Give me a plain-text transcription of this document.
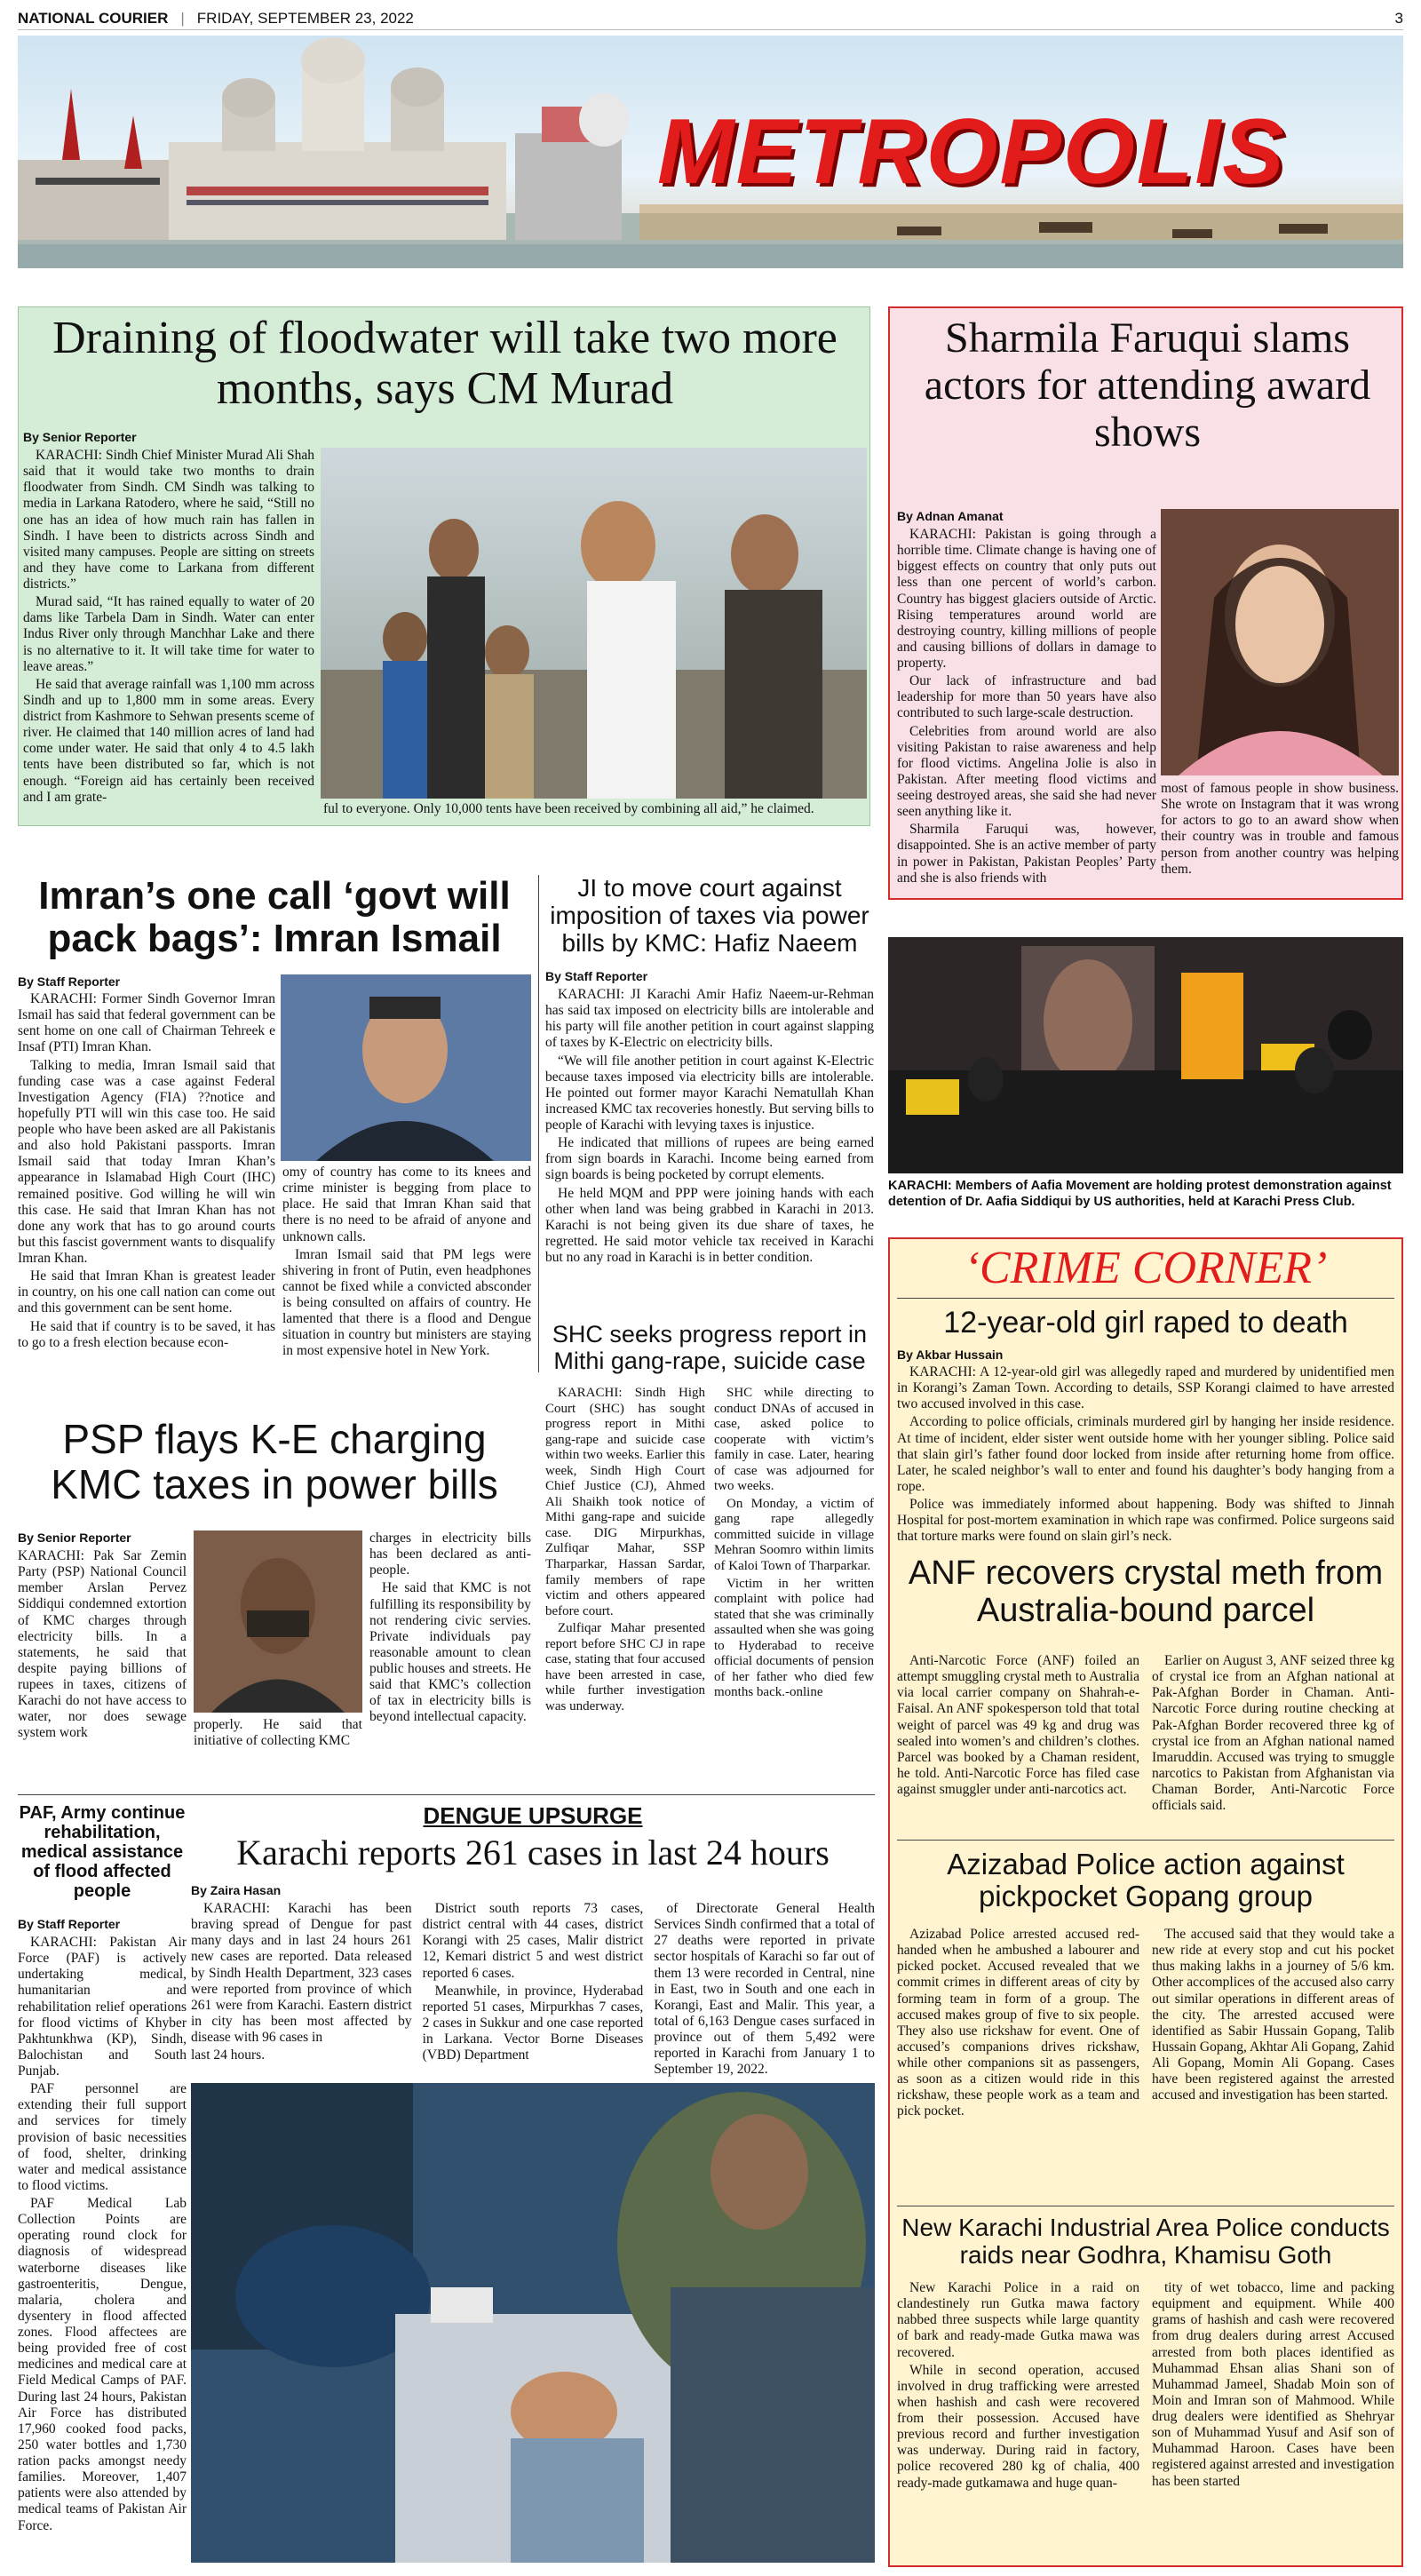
NATIONAL COURIER | FRIDAY, SEPTEMBER 23, 2022	3
METROPOLIS
Draining of floodwater will take two more months, says CM Murad
By Senior Reporter

KARACHI: Sindh Chief Minister Murad Ali Shah said that it would take two months to drain floodwater from Sindh. CM Sindh was talking to media in Larkana Ratodero, where he said, “Still no one has an idea of how much rain has fallen in Sindh. I have been to districts across Sindh and visited many campuses. People are sitting on streets and they have come to Larkana from different districts.”

Murad said, “It has rained equally to water of 20 dams like Tarbela Dam in Sindh. Water can enter Indus River only through Manchhar Lake and there is no alternative to it. It will take time for water to leave areas.”

He said that average rainfall was 1,100 mm across Sindh and up to 1,800 mm in some areas. Every district from Kashmore to Sehwan presents sceme of river. He claimed that 140 million acres of land had come under water. He said that only 4 to 4.5 lakh tents have been distributed so far, which is not enough. “Foreign aid has certainly been received and I am grate-

ful to everyone. Only 10,000 tents have been received by combining all aid,” he claimed.
Sharmila Faruqui slams actors for attending award shows
By Adnan Amanat

KARACHI: Pakistan is going through a horrible time. Climate change is having one of biggest effects on country that only puts out less than one percent of world’s carbon. Country has biggest glaciers outside of Arctic. Rising temperatures around world are destroying country, killing millions of people and causing billions of dollars in damage to property.

Our lack of infrastructure and bad leadership for more than 50 years have also contributed to such large-scale destruction.

Celebrities from around world are also visiting Pakistan to raise awareness and help for flood victims. Angelina Jolie is also in Pakistan. After meeting flood victims and seeing destroyed areas, she said she had never seen anything like it.

Sharmila Faruqui was, however, disappointed. She is an active member of party in power in Pakistan, Pakistan Peoples’ Party and she is also friends with

most of famous people in show business. She wrote on Instagram that it was wrong for actors to go to an award show when their country was in trouble and famous person from another country was helping them.
Imran’s one call ‘govt will pack bags’: Imran Ismail
By Staff Reporter

KARACHI: Former Sindh Governor Imran Ismail has said that federal government can be sent home on one call of Chairman Tehreek e Insaf (PTI) Imran Khan.

Talking to media, Imran Ismail said that funding case was a case against Federal Investigation Agency (FIA) ??notice and hopefully PTI will win this case too. He said people who have been asked are all Pakistanis and also hold Pakistani passports. Imran Ismail said that today Imran Khan’s appearance in Islamabad High Court (IHC) remained positive. God willing he will win this case. He said that Imran Khan has not done any work that has to go around courts but this fascist government wants to disqualify Imran Khan.

He said that Imran Khan is greatest leader in country, on his one call nation can come out and this government can be sent home.

He said that if country is to be saved, it has to go to a fresh election because econ-

omy of country has come to its knees and crime minister is begging from place to place. He said that Imran Khan said that there is no need to be afraid of anyone and unknown calls.

Imran Ismail said that PM legs were shivering in front of Putin, even headphones cannot be fixed while a convicted absconder is being consulted on affairs of country. He lamented that there is a flood and Dengue situation in country but ministers are staying in most expensive hotel in New York.

JI to move court against imposition of taxes via power bills by KMC: Hafiz Naeem
By Staff Reporter

KARACHI: JI Karachi Amir Hafiz Naeem-ur-Rehman has said tax imposed on electricity bills are intolerable and his party will file another petition in court against slapping of taxes by K-Electric on electricity bills.

“We will file another petition in court against K-Electric because taxes imposed via electricity bills are intolerable. He pointed out former mayor Karachi Nematullah Khan increased KMC tax recoveries honestly. But serving bills to people of Karachi with levying taxes is injustice.

He indicated that millions of rupees are being earned from sign boards in Karachi. Income being earned from sign boards is being pocketed by corrupt elements.

He held MQM and PPP were joining hands with each other when land was being grabbed in Karachi in 2013. Karachi is not being given its due share of taxes, he regretted. He said motor vehicle tax received in Karachi but no any road in Karachi is in better condition.

SHC seeks progress report in Mithi gang-rape, suicide case

KARACHI: Sindh High Court (SHC) has sought progress report in Mithi gang-rape and suicide case within two weeks. Earlier this week, Sindh High Court Chief Justice (CJ), Ahmed Ali Shaikh took notice of Mithi gang-rape and suicide case. DIG Mirpurkhas, Zulfiqar Mahar, SSP Tharparkar, Hassan Sardar, family members of rape victim and others appeared before court.

Zulfiqar Mahar presented report before SHC CJ in rape case, stating that four accused have been arrested in case, while further investigation was underway.

SHC while directing to conduct DNAs of accused in case, asked police to cooperate with victim’s family in case. Later, hearing of case was adjourned for two weeks.

On Monday, a victim of gang rape allegedly committed suicide in village Mehran Soomro within limits of Kaloi Town of Tharparkar.

Victim in her written complaint with police had stated that she was criminally assaulted when she was going to Hyderabad to receive official documents of pension of her father who died few months back.-online

KARACHI: Members of Aafia Movement are holding protest demonstration against detention of Dr. Aafia Siddiqui by US authorities, held at Karachi Press Club.
‘CRIME CORNER’
12-year-old girl raped to death
By Akbar Hussain

KARACHI: A 12-year-old girl was allegedly raped and murdered by unidentified men in Korangi’s Zaman Town. According to details, SSP Korangi claimed to have arrested two accused involved in this case.

According to police officials, criminals murdered girl by hanging her inside residence. At time of incident, elder sister went outside home with her younger sibling. Police said that slain girl’s father found door locked from inside after returning home from office. Later, he scaled neighbor’s wall to enter and found his daughter’s body hanging from a rope.

Police was immediately informed about happening. Body was shifted to Jinnah Hospital for post-mortem examination in which rape was confirmed. Police surgeons said that torture marks were found on slain girl’s neck.

ANF recovers crystal meth from Australia-bound parcel

Anti-Narcotic Force (ANF) foiled an attempt smuggling crystal meth to Australia via local carrier company on Shahrah-e-Faisal. An ANF spokesperson told that total weight of parcel was 49 kg and drug was sealed into women’s and children’s clothes. Parcel was booked by a Chaman resident, he told. Anti-Narcotic Force has filed case against smuggler under anti-narcotics act.

Earlier on August 3, ANF seized three kg of crystal ice from an Afghan national at Pak-Afghan Border in Chaman. Anti-Narcotic Force during routine checking at Pak-Afghan Border recovered three kg of crystal ice from an Afghan national named Imaruddin. Accused was trying to smuggle narcotics to Pakistan from Afghanistan via Chaman Border, Anti-Narcotic Force officials said.

Azizabad Police action against pickpocket Gopang group

Azizabad Police arrested accused red-handed when he ambushed a labourer and picked pocket. Accused revealed that we commit crimes in different areas of city by forming team in form of a group. The accused makes group of five to six people. They also use rickshaw for event. One of accused’s companions drives rickshaw, while other companions sit as passengers, as soon as a citizen would ride in this rickshaw, these people work as a team and pick pocket.

The accused said that they would take a new ride at every stop and cut his pocket thus making lakhs in a journey of 5/6 km. Other accomplices of the accused also carry out similar operations in different areas of the city. The arrested accused were identified as Sabir Hussain Gopang, Talib Hussain Gopang, Akhtar Ali Gopang, Zahid Ali Gopang, Momin Ali Gopang. Cases have been registered against the arrested accused and investigation has been started.

New Karachi Industrial Area Police conducts raids near Godhra, Khamisu Goth

New Karachi Police in a raid on clandestinely run Gutka mawa factory nabbed three suspects while large quantity of bark and ready-made Gutka mawa was recovered.

While in second operation, accused involved in drug trafficking were arrested when hashish and cash were recovered from their possession. Accused have previous record and further investigation was underway. During raid in factory, police recovered 280 kg of chalia, 400 ready-made gutkamawa and huge quan-

tity of wet tobacco, lime and packing equipment and equipment. While 400 grams of hashish and cash were recovered from drug dealers during arrest Accused arrested from both places identified as Muhammad Ehsan alias Shani son of Muhammad Jameel, Shadab Moin son of Moin and Imran son of Mahmood. While drug dealers were identified as Shehryar son of Muhammad Yusuf and Asif son of Muhammad Haroon. Cases have been registered against arrested and investigation has been started

PSP flays K-E charging KMC taxes in power bills
By Senior Reporter
KARACHI: Pak Sar Zemin Party (PSP) National Council member Arslan Pervez Siddiqui condemned extortion of KMC charges through electricity bills. In a statements, he said that despite paying billions of rupees in taxes, citizens of Karachi do not have access to water, nor does sewage system work
properly. He said that initiative of collecting KMC

charges in electricity bills has been declared as anti-people.

He said that KMC is not fulfilling its responsibility by not rendering civic servies. Private individuals pay reasonable amount to clean public houses and streets. He said that KMC’s collection of tax in electricity bills is beyond intellectual capacity.

PAF, Army continue rehabilitation, medical assistance of flood affected people
By Staff Reporter

KARACHI: Pakistan Air Force (PAF) is actively undertaking medical, humanitarian and rehabilitation relief operations for flood victims of Khyber Pakhtunkhwa (KP), Sindh, Balochistan and South Punjab.

PAF personnel are extending their full support and services for timely provision of basic necessities of food, shelter, drinking water and medical assistance to flood victims.

PAF Medical Lab Collection Points are operating round clock for diagnosis of widespread waterborne diseases like gastroenteritis, Dengue, malaria, cholera and dysentery in flood affected zones. Flood affectees are being provided free of cost medicines and medical care at Field Medical Camps of PAF. During last 24 hours, Pakistan Air Force has distributed 17,960 cooked food packs, 250 water bottles and 1,730 ration packs amongst needy families. Moreover, 1,407 patients were also attended by medical teams of Pakistan Air Force.

DENGUE UPSURGE
Karachi reports 261 cases in last 24 hours
By Zaira Hasan

KARACHI: Karachi has been braving spread of Dengue for past many days and in last 24 hours 261 new cases are reported. Data released by Sindh Health Department, 323 cases were reported from province of which 261 were from Karachi. Eastern district in city has been most affected by disease with 96 cases in

last 24 hours.

District south reports 73 cases, district central with 44 cases, district Korangi with 25 cases, Malir district 12, Kemari district 5 and west district reported 6 cases.

Meanwhile, in province, Hyderabad reported 51 cases, Mirpurkhas 7 cases, 2 cases in Sukkur and one case reported in Larkana. Vector Borne Diseases (VBD) Department

of Directorate General Health Services Sindh confirmed that a total of 27 deaths were reported in private sector hospitals of Karachi so far out of them 13 were recorded in Central, nine in East, two in South and one each in Korangi, East and Malir. This year, a total of 6,163 Dengue cases surfaced in province out of them 5,492 were reported in Karachi from January 1 to September 19, 2022.
